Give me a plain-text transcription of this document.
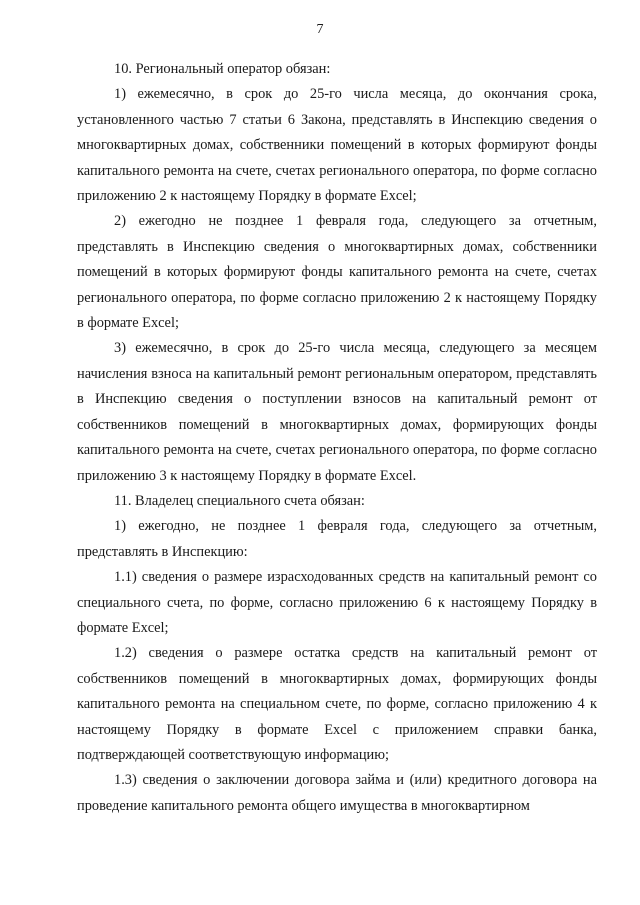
7

10. Региональный оператор обязан:

1) ежемесячно, в срок до 25-го числа месяца, до окончания срока, установленного частью 7 статьи 6 Закона, представлять в Инспекцию сведения о многоквартирных домах, собственники помещений в которых формируют фонды капитального ремонта на счете, счетах регионального оператора, по форме согласно приложению 2 к настоящему Порядку в формате Excel;

2) ежегодно не позднее 1 февраля года, следующего за отчетным, представлять в Инспекцию сведения о многоквартирных домах, собственники помещений в которых формируют фонды капитального ремонта на счете, счетах регионального оператора, по форме согласно приложению 2 к настоящему Порядку в формате Excel;

3) ежемесячно, в срок до 25-го числа месяца, следующего за месяцем начисления взноса на капитальный ремонт региональным оператором, представлять в Инспекцию сведения о поступлении взносов на капитальный ремонт от собственников помещений в многоквартирных домах, формирующих фонды капитального ремонта на счете, счетах регионального оператора, по форме согласно приложению 3 к настоящему Порядку в формате Excel.

11. Владелец специального счета обязан:

1) ежегодно, не позднее 1 февраля года, следующего за отчетным, представлять в Инспекцию:

1.1) сведения о размере израсходованных средств на капитальный ремонт со специального счета, по форме, согласно приложению 6 к настоящему Порядку в формате Excel;

1.2) сведения о размере остатка средств на капитальный ремонт от собственников помещений в многоквартирных домах, формирующих фонды капитального ремонта на специальном счете, по форме, согласно приложению 4 к настоящему Порядку в формате Excel с приложением справки банка, подтверждающей соответствующую информацию;

1.3) сведения о заключении договора займа и (или) кредитного договора на проведение капитального ремонта общего имущества в многоквартирном
